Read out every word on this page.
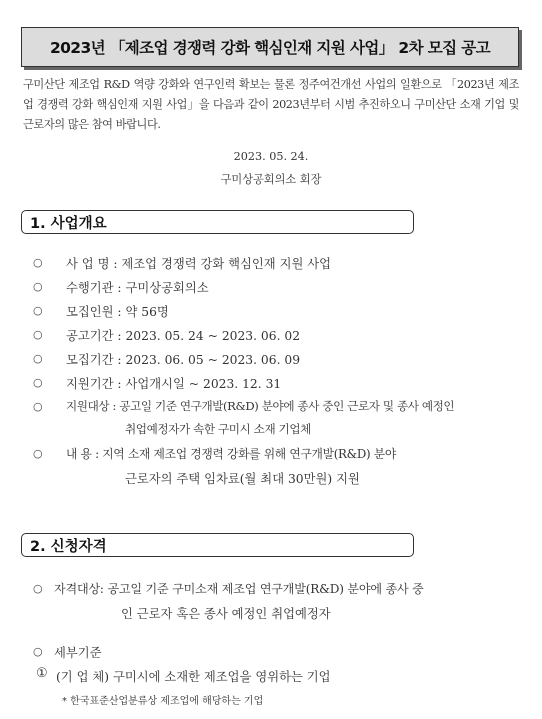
2023년 「제조업 경쟁력 강화 핵심인재 지원 사업」 2차 모집 공고
구미산단 제조업 R&D 역량 강화와 연구인력 확보는 물론 정주여건개선 사업의 일환으로 「2023년 제조업 경쟁력 강화 핵심인재 지원 사업」을 다음과 같이 2023년부터 시범 추진하오니 구미산단 소재 기업 및 근로자의 많은 참여 바랍니다.
2023. 05. 24.
구미상공회의소 회장
1. 사업개요
○ 사 업 명 : 제조업 경쟁력 강화 핵심인재 지원 사업
○ 수행기관 : 구미상공회의소
○ 모집인원 : 약 56명
○ 공고기간 : 2023. 05. 24 ~ 2023. 06. 02
○ 모집기간 : 2023. 06. 05 ~ 2023. 06. 09
○ 지원기간 : 사업개시일 ~ 2023. 12. 31
○ 지원대상 : 공고일 기준 연구개발(R&D) 분야에 종사 중인 근로자 및 종사 예정인
취업예정자가 속한 구미시 소재 기업체
○ 내 용 : 지역 소재 제조업 경쟁력 강화를 위해 연구개발(R&D) 분야
근로자의 주택 임차료(월 최대 30만원) 지원
2. 신청자격
○ 자격대상: 공고일 기준 구미소재 제조업 연구개발(R&D) 분야에 종사 중
인 근로자 혹은 종사 예정인 취업예정자
○ 세부기준
① (기 업 체) 구미시에 소재한 제조업을 영위하는 기업
* 한국표준산업분류상 제조업에 해당하는 기업
